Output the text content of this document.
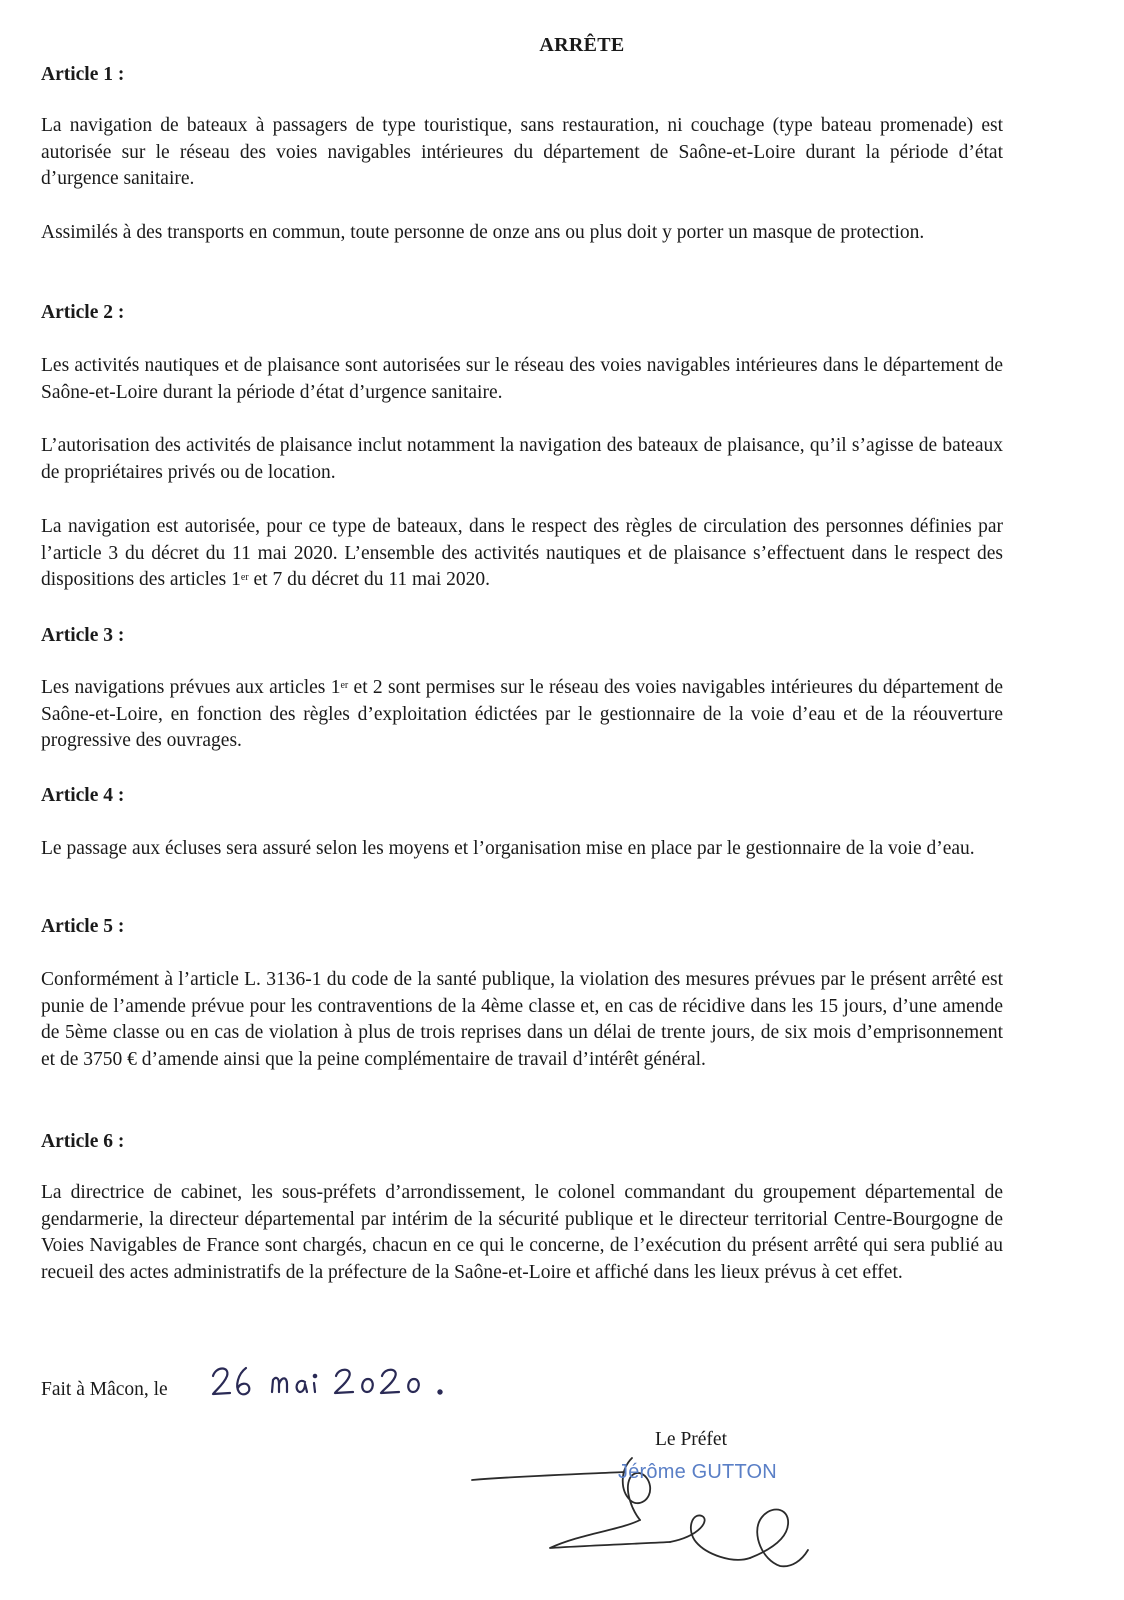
ARRÊTE
Article 1 :

La navigation de bateaux à passagers de type touristique, sans restauration, ni couchage (type bateau promenade) est autorisée sur le réseau des voies navigables intérieures du département de Saône-et-Loire durant la période d’état d’urgence sanitaire.

Assimilés à des transports en commun, toute personne de onze ans ou plus doit y porter un masque de protection.

Article 2 :

Les activités nautiques et de plaisance sont autorisées sur le réseau des voies navigables intérieures dans le département de Saône-et-Loire durant la période d’état d’urgence sanitaire.

L’autorisation des activités de plaisance inclut notamment la navigation des bateaux de plaisance, qu’il s’agisse de bateaux de propriétaires privés ou de location.

La navigation est autorisée, pour ce type de bateaux, dans le respect des règles de circulation des personnes définies par l’article 3 du décret du 11 mai 2020. L’ensemble des activités nautiques et de plaisance s’effectuent dans le respect des dispositions des articles 1er et 7 du décret du 11 mai 2020.

Article 3 :

Les navigations prévues aux articles 1er et 2 sont permises sur le réseau des voies navigables intérieures du département de Saône-et-Loire, en fonction des règles d’exploitation édictées par le gestionnaire de la voie d’eau et de la réouverture progressive des ouvrages.

Article 4 :

Le passage aux écluses sera assuré selon les moyens et l’organisation mise en place par le gestionnaire de la voie d’eau.

Article 5 :

Conformément à l’article L. 3136-1 du code de la santé publique, la violation des mesures prévues par le présent arrêté est punie de l’amende prévue pour les contraventions de la 4ème classe et, en cas de récidive dans les 15 jours, d’une amende de 5ème classe ou en cas de violation à plus de trois reprises dans un délai de trente jours, de six mois d’emprisonnement et de 3750 € d’amende ainsi que la peine complémentaire de travail d’intérêt général.

Article 6 :

La directrice de cabinet, les sous-préfets d’arrondissement, le colonel commandant du groupement départemental de gendarmerie, la directeur départemental par intérim de la sécurité publique et le directeur territorial Centre-Bourgogne de Voies Navigables de France sont chargés, chacun en ce qui le concerne, de l’exécution du présent arrêté qui sera publié au recueil des actes administratifs de la préfecture de la Saône-et-Loire et affiché dans les lieux prévus à cet effet.

Fait à Mâcon, le
Le Préfet
Jérôme GUTTON
